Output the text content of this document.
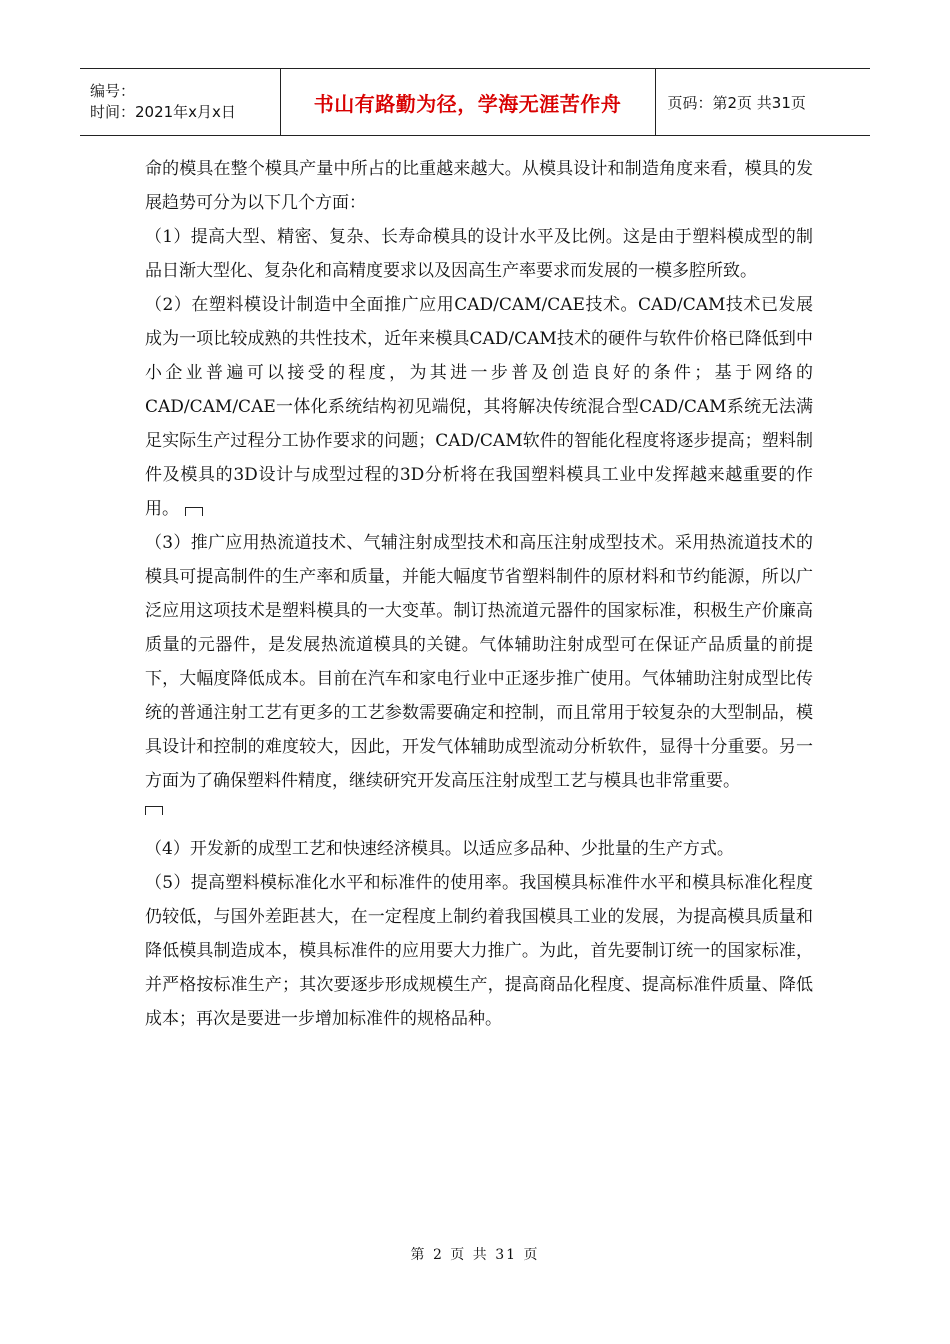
编号：
时间：2021年x月x日	书山有路勤为径，学海无涯苦作舟	页码：第2页 共31页

命的模具在整个模具产量中所占的比重越来越大。从模具设计和制造角度来看，模具的发展趋势可分为以下几个方面：

（1）提高大型、精密、复杂、长寿命模具的设计水平及比例。这是由于塑料模成型的制品日渐大型化、复杂化和高精度要求以及因高生产率要求而发展的一模多腔所致。

（2）在塑料模设计制造中全面推广应用CAD/CAM/CAE技术。CAD/CAM技术已发展成为一项比较成熟的共性技术，近年来模具CAD/CAM技术的硬件与软件价格已降低到中小企业普遍可以接受的程度，为其进一步普及创造良好的条件；基于网络的CAD/CAM/CAE一体化系统结构初见端倪，其将解决传统混合型CAD/CAM系统无法满足实际生产过程分工协作要求的问题；CAD/CAM软件的智能化程度将逐步提高；塑料制件及模具的3D设计与成型过程的3D分析将在我国塑料模具工业中发挥越来越重要的作用。

（3）推广应用热流道技术、气辅注射成型技术和高压注射成型技术。采用热流道技术的模具可提高制件的生产率和质量，并能大幅度节省塑料制件的原材料和节约能源，所以广泛应用这项技术是塑料模具的一大变革。制订热流道元器件的国家标准，积极生产价廉高质量的元器件，是发展热流道模具的关键。气体辅助注射成型可在保证产品质量的前提下，大幅度降低成本。目前在汽车和家电行业中正逐步推广使用。气体辅助注射成型比传统的普通注射工艺有更多的工艺参数需要确定和控制，而且常用于较复杂的大型制品，模具设计和控制的难度较大，因此，开发气体辅助成型流动分析软件，显得十分重要。另一方面为了确保塑料件精度，继续研究开发高压注射成型工艺与模具也非常重要。

（4）开发新的成型工艺和快速经济模具。以适应多品种、少批量的生产方式。

（5）提高塑料模标准化水平和标准件的使用率。我国模具标准件水平和模具标准化程度仍较低，与国外差距甚大，在一定程度上制约着我国模具工业的发展，为提高模具质量和降低模具制造成本，模具标准件的应用要大力推广。为此，首先要制订统一的国家标准，并严格按标准生产；其次要逐步形成规模生产，提高商品化程度、提高标准件质量、降低成本；再次是要进一步增加标准件的规格品种。

第 2 页 共 31 页
